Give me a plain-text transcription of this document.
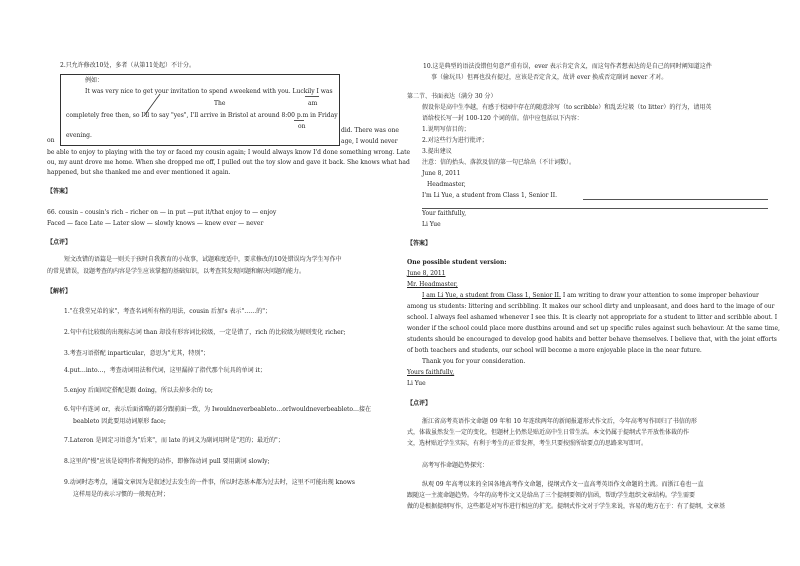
2.只允许修改10处，多者（从第11处起）不计分。
例如：
It was very nice to get your invitation to spend ∧weekend with you. Luckily I was
The	am
completely free then, so I'll to say "yes", I'll arrive in Bristol at around 8:00 p.m in Friday
on
evening.
on
did. There was one
age, I would never
be able to enjoy to playing with the toy or faced my cousin again; I would always know I'd done something wrong. Late
ou, my aunt drove me home. When she dropped me off, I pulled out the toy slow and gave it back. She knows what had
happened, but she thanked me and ever mentioned it again.
【答案】
66. cousin – cousin's rich – richer on — in put —put it/that enjoy to — enjoy
Faced — face Late — Later slow — slowly knows — knew ever — never
【点评】
短文改错的语篇是一则关于孩时自我教育的小故事，试题难度适中，要求修改的10处错误均为学生写作中
的常见错误，设题考查的内容是学生应该掌握的基础知识，以考查其发现问题和解决问题的能力。
【解析】
1."在我堂兄弟的家"，考查名词所有格的用法，cousin 后加's 表示"……的"；
2.句中有比较级的出现标志词 than 却没有形容词比较级，一定是错了，rich 的比较级为规则变化 richer;
3.考查习语搭配 inparticular，意思为"尤其，特别"；
4.put…into…，考查动词用法和代词，这里漏掉了指代那个玩具的单词 it；
5.enjoy 后面固定搭配是跟 doing，所以去掉多余的 to;
6.句中有连词 or，表示后面省略的部分跟前面一致，为 Iwouldneverbeableto…orIwouldneverbeableto…接在
beableto 因此要用动词原形 face;
7.Lateron 是固定习语意为"后来"，而 late 的词义为副词用时是"迟的；最近的"；
8.这里的"慢"应该是说明作者掏兜的动作，即修饰动词 pull 要用副词 slowly;
9.动词时态考点，通篇文章因为是叙述过去发生的一件事，所以时态基本都为过去时，这里不可能出现 knows
这样用是的表示习惯的一般现在时；
10.这是典型的语法没错但句意严重有误，ever 表示肯定含义，而这句作者想表达的是自己的同时阐知道这件
事（偷玩具）但再也没有提过，应该是否定含义，故讲 ever 换成否定副词 never 才对。
第二节、书面表达（满分 30 分）
假设你是高中生李越，有感于校园中存在的随意涂写（to scribble）和乱丢垃圾（to litter）的行为，请用英
语给校长写一封 100-120 个词的信。信中应包括以下内容：
1.说明写信目的；
2.对这些行为进行批评；
3.提出建议
注意：信的抬头、落款及信的第一句已给出（不计词数）。
June 8, 2011
Headmaster,
I'm Li Yue, a student from Class 1, Senior II.
Your faithfully,
Li Yue
【答案】
One possible student version:
June 8, 2011
Mr. Headmaster,
I am Li Yue, a student from Class 1, Senior II. I am writing to draw your attention to some improper behaviour
among us students: littering and scribbling. It makes our school dirty and unpleasant, and does hard to the image of our
school. I always feel ashamed whenever I see this. It is clearly not appropriate for a student to litter and scribble about. I
wonder if the school could place more dustbins around and set up specific rules against such behaviour. At the same time,
students should be encouraged to develop good habits and better behave themselves. I believe that, with the joint efforts
of both teachers and students, our school will become a more enjoyable place in the near future.
Thank you for your consideration.
Yours faithfully,
Li Yue
【点评】
浙江省高考英语作文命题 09 年和 10 年连续两年的新闻报道形式作文后，今年高考写作回归了书信的形
式，体裁虽然发生一定的变化，但题材上仍然是贴近高中生日常生活。本文仍属于提纲式半开放性体裁的作
文，选材贴近学生实际，有利于考生的正常发挥，考生只要按照所给要点的思路来写即可。
高考写作命题趋势探究：
纵观 09 年高考以来的全国各地高考作文命题，提纲式作文一直高考英语作文命题的主流。而浙江卷也一直
跟随这一主流命题趋势。今年的高考作文又是给出了三个提纲要领的信函，帮助学生组织文章结构。学生需要
做的是根据提纲写作，这些都是对写作进行相应的扩充。提纲式作文对于学生来说，容易的地方在于：有了提纲，文章基
